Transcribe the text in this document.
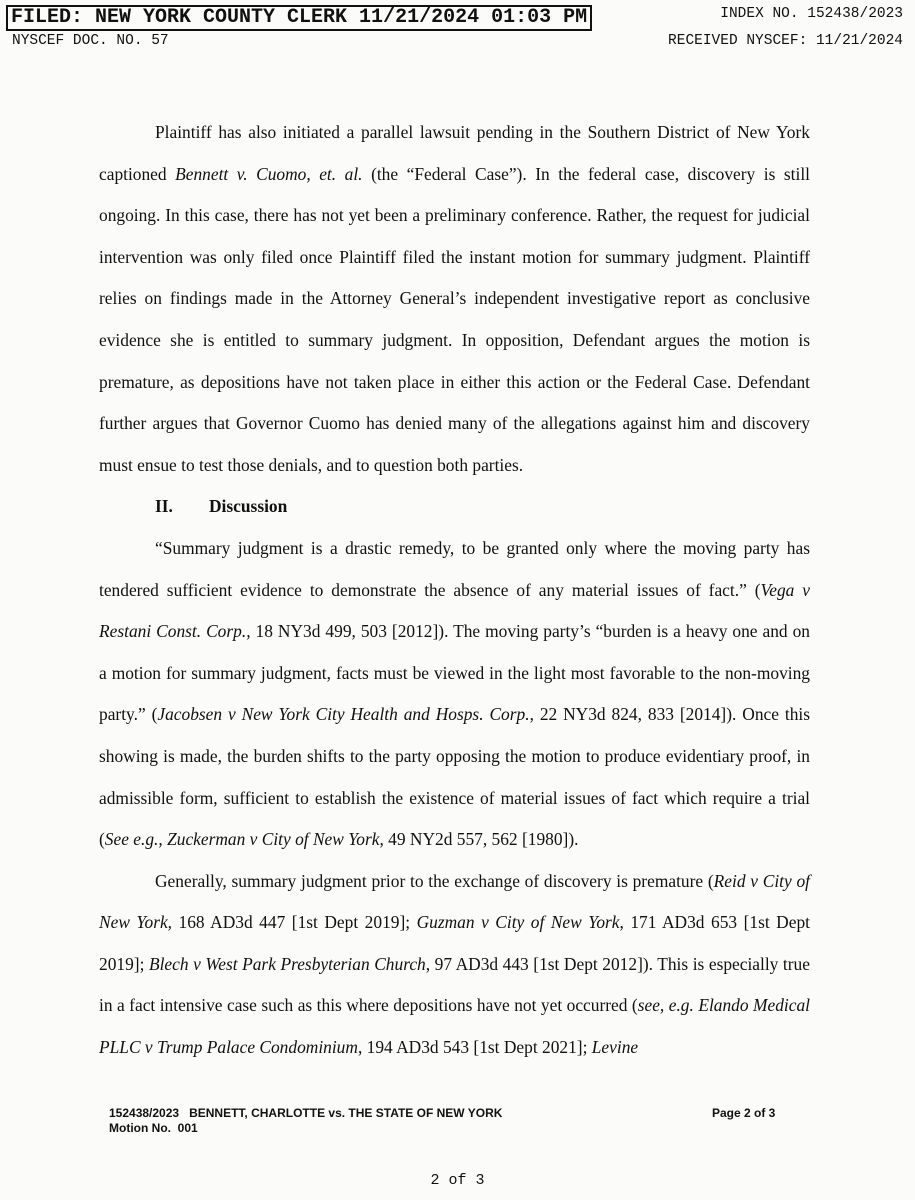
FILED: NEW YORK COUNTY CLERK 11/21/2024 01:03 PM	INDEX NO. 152438/2023
NYSCEF DOC. NO. 57	RECEIVED NYSCEF: 11/21/2024

Plaintiff has also initiated a parallel lawsuit pending in the Southern District of New York captioned Bennett v. Cuomo, et. al. (the “Federal Case”). In the federal case, discovery is still ongoing. In this case, there has not yet been a preliminary conference. Rather, the request for judicial intervention was only filed once Plaintiff filed the instant motion for summary judgment. Plaintiff relies on findings made in the Attorney General’s independent investigative report as conclusive evidence she is entitled to summary judgment. In opposition, Defendant argues the motion is premature, as depositions have not taken place in either this action or the Federal Case. Defendant further argues that Governor Cuomo has denied many of the allegations against him and discovery must ensue to test those denials, and to question both parties.

II. Discussion

“Summary judgment is a drastic remedy, to be granted only where the moving party has tendered sufficient evidence to demonstrate the absence of any material issues of fact.” (Vega v Restani Const. Corp., 18 NY3d 499, 503 [2012]). The moving party’s “burden is a heavy one and on a motion for summary judgment, facts must be viewed in the light most favorable to the non-moving party.” (Jacobsen v New York City Health and Hosps. Corp., 22 NY3d 824, 833 [2014]). Once this showing is made, the burden shifts to the party opposing the motion to produce evidentiary proof, in admissible form, sufficient to establish the existence of material issues of fact which require a trial (See e.g., Zuckerman v City of New York, 49 NY2d 557, 562 [1980]).

Generally, summary judgment prior to the exchange of discovery is premature (Reid v City of New York, 168 AD3d 447 [1st Dept 2019]; Guzman v City of New York, 171 AD3d 653 [1st Dept 2019]; Blech v West Park Presbyterian Church, 97 AD3d 443 [1st Dept 2012]). This is especially true in a fact intensive case such as this where depositions have not yet occurred (see, e.g. Elando Medical PLLC v Trump Palace Condominium, 194 AD3d 543 [1st Dept 2021]; Levine

152438/2023   BENNETT, CHARLOTTE vs. THE STATE OF NEW YORK
Motion No.  001
Page 2 of 3
2 of 3
